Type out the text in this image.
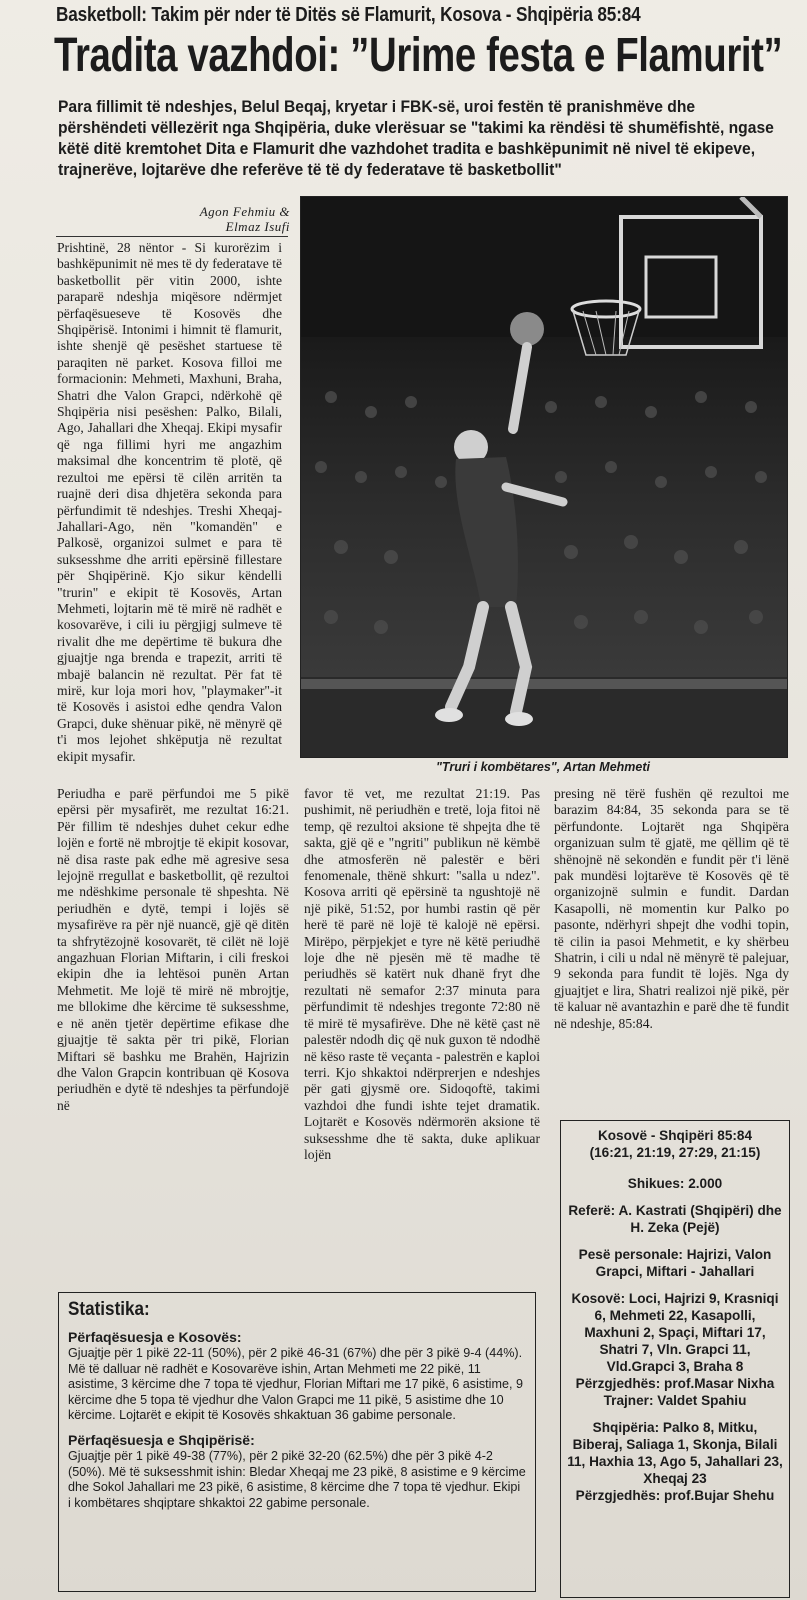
Basketboll: Takim për nder të Ditës së Flamurit, Kosova - Shqipëria 85:84
Tradita vazhdoi: ”Urime festa e Flamurit”
Para fillimit të ndeshjes, Belul Beqaj, kryetar i FBK-së, uroi festën të pranishmëve dhe përshëndeti vëllezërit nga Shqipëria, duke vlerësuar se "takimi ka rëndësi të shumëfishtë, ngase këtë ditë kremtohet Dita e Flamurit dhe vazhdohet tradita e bashkëpunimit në nivel të ekipeve, trajnerëve, lojtarëve dhe referëve të të dy federatave të basketbollit"
Agon Fehmiu &
Elmaz Isufi

Prishtinë, 28 nëntor - Si kurorëzim i bashkëpunimit në mes të dy federatave të basketbollit për vitin 2000, ishte paraparë ndeshja miqësore ndërmjet përfaqësueseve të Kosovës dhe Shqipërisë. Intonimi i himnit të flamurit, ishte shenjë që pesëshet startuese të paraqiten në parket. Kosova filloi me formacionin: Mehmeti, Maxhuni, Braha, Shatri dhe Valon Grapci, ndërkohë që Shqipëria nisi pesëshen: Palko, Bilali, Ago, Jahallari dhe Xheqaj. Ekipi mysafir që nga fillimi hyri me angazhim maksimal dhe koncentrim të plotë, që rezultoi me epërsi të cilën arritën ta ruajnë deri disa dhjetëra sekonda para përfundimit të ndeshjes. Treshi Xheqaj-Jahallari-Ago, nën "komandën" e Palkosë, organizoi sulmet e para të suksesshme dhe arriti epërsinë fillestare për Shqipërinë. Kjo sikur këndelli "trurin" e ekipit të Kosovës, Artan Mehmeti, lojtarin më të mirë në radhët e kosovarëve, i cili iu përgjigj sulmeve të rivalit dhe me depërtime të bukura dhe gjuajtje nga brenda e trapezit, arriti të mbajë balancin në rezultat. Për fat të mirë, kur loja mori hov, "playmaker"-it të Kosovës i asistoi edhe qendra Valon Grapci, duke shënuar pikë, në mënyrë që t'i mos lejohet shkëputja në rezultat ekipit mysafir.

Periudha e parë përfundoi me 5 pikë epërsi për mysafirët, me rezultat 16:21. Për fillim të ndeshjes duhet cekur edhe lojën e fortë në mbrojtje të ekipit kosovar, në disa raste pak edhe më agresive sesa lejojnë rregullat e basketbollit, që rezultoi me ndëshkime personale të shpeshta. Në periudhën e dytë, tempi i lojës së mysafirëve ra për një nuancë, gjë që ditën ta shfrytëzojnë kosovarët, të cilët në lojë angazhuan Florian Miftarin, i cili freskoi ekipin dhe ia lehtësoi punën Artan Mehmetit. Me lojë të mirë në mbrojtje, me bllokime dhe kërcime të suksesshme, e në anën tjetër depërtime efikase dhe gjuajtje të sakta për tri pikë, Florian Miftari së bashku me Brahën, Hajrizin dhe Valon Grapcin kontribuan që Kosova periudhën e dytë të ndeshjes ta përfundojë në

favor të vet, me rezultat 21:19. Pas pushimit, në periudhën e tretë, loja fitoi në temp, që rezultoi aksione të shpejta dhe të sakta, gjë që e "ngriti" publikun në këmbë dhe atmosferën në palestër e bëri fenomenale, thënë shkurt: "salla u ndez". Kosova arriti që epërsinë ta ngushtojë në një pikë, 51:52, por humbi rastin që për herë të parë në lojë të kalojë në epërsi. Mirëpo, përpjekjet e tyre në këtë periudhë loje dhe në pjesën më të madhe të periudhës së katërt nuk dhanë fryt dhe rezultati në semafor 2:37 minuta para përfundimit të ndeshjes tregonte 72:80 në të mirë të mysafirëve. Dhe në këtë çast në palestër ndodh diç që nuk guxon të ndodhë në këso raste të veçanta - palestrën e kaploi terri. Kjo shkaktoi ndërprerjen e ndeshjes për gati gjysmë ore. Sidoqoftë, takimi vazhdoi dhe fundi ishte tejet dramatik. Lojtarët e Kosovës ndërmorën aksione të suksesshme dhe të sakta, duke aplikuar lojën

presing në tërë fushën që rezultoi me barazim 84:84, 35 sekonda para se të përfundonte. Lojtarët nga Shqipëra organizuan sulm të gjatë, me qëllim që të shënojnë në sekondën e fundit për t'i lënë pak mundësi lojtarëve të Kosovës që të organizojnë sulmin e fundit. Dardan Kasapolli, në momentin kur Palko po pasonte, ndërhyri shpejt dhe vodhi topin, të cilin ia pasoi Mehmetit, e ky shërbeu Shatrin, i cili u ndal në mënyrë të palejuar, 9 sekonda para fundit të lojës. Nga dy gjuajtjet e lira, Shatri realizoi një pikë, për të kaluar në avantazhin e parë dhe të fundit në ndeshje, 85:84.

"Truri i kombëtares", Artan Mehmeti
Statistika:
Përfaqësuesja e Kosovës:

Gjuajtje për 1 pikë 22-11 (50%), për 2 pikë 46-31 (67%) dhe për 3 pikë 9-4 (44%). Më të dalluar në radhët e Kosovarëve ishin, Artan Mehmeti me 22 pikë, 11 asistime, 3 kërcime dhe 7 topa të vjedhur, Florian Miftari me 17 pikë, 6 asistime, 9 kërcime dhe 5 topa të vjedhur dhe Valon Grapci me 11 pikë, 5 asistime dhe 10 kërcime. Lojtarët e ekipit të Kosovës shkaktuan 36 gabime personale.

Përfaqësuesja e Shqipërisë:

Gjuajtje për 1 pikë 49-38 (77%), për 2 pikë 32-20 (62.5%) dhe për 3 pikë 4-2 (50%). Më të suksesshmit ishin: Bledar Xheqaj me 23 pikë, 8 asistime e 9 kërcime dhe Sokol Jahallari me 23 pikë, 6 asistime, 8 kërcime dhe 7 topa të vjedhur. Ekipi i kombëtares shqiptare shkaktoi 22 gabime personale.

Kosovë - Shqipëri 85:84
(16:21, 21:19, 27:29, 21:15)

Shikues: 2.000

Referë: A. Kastrati (Shqipëri) dhe H. Zeka (Pejë)

Pesë personale: Hajrizi, Valon Grapci, Miftari - Jahallari

Kosovë: Loci, Hajrizi 9, Krasniqi 6, Mehmeti 22, Kasapolli, Maxhuni 2, Spaçi, Miftari 17, Shatri 7, Vln. Grapci 11, Vld.Grapci 3, Braha 8
Përzgjedhës: prof.Masar Nixha
Trajner: Valdet Spahiu

Shqipëria: Palko 8, Mitku, Biberaj, Saliaga 1, Skonja, Bilali 11, Haxhia 13, Ago 5, Jahallari 23, Xheqaj 23
Përzgjedhës: prof.Bujar Shehu
